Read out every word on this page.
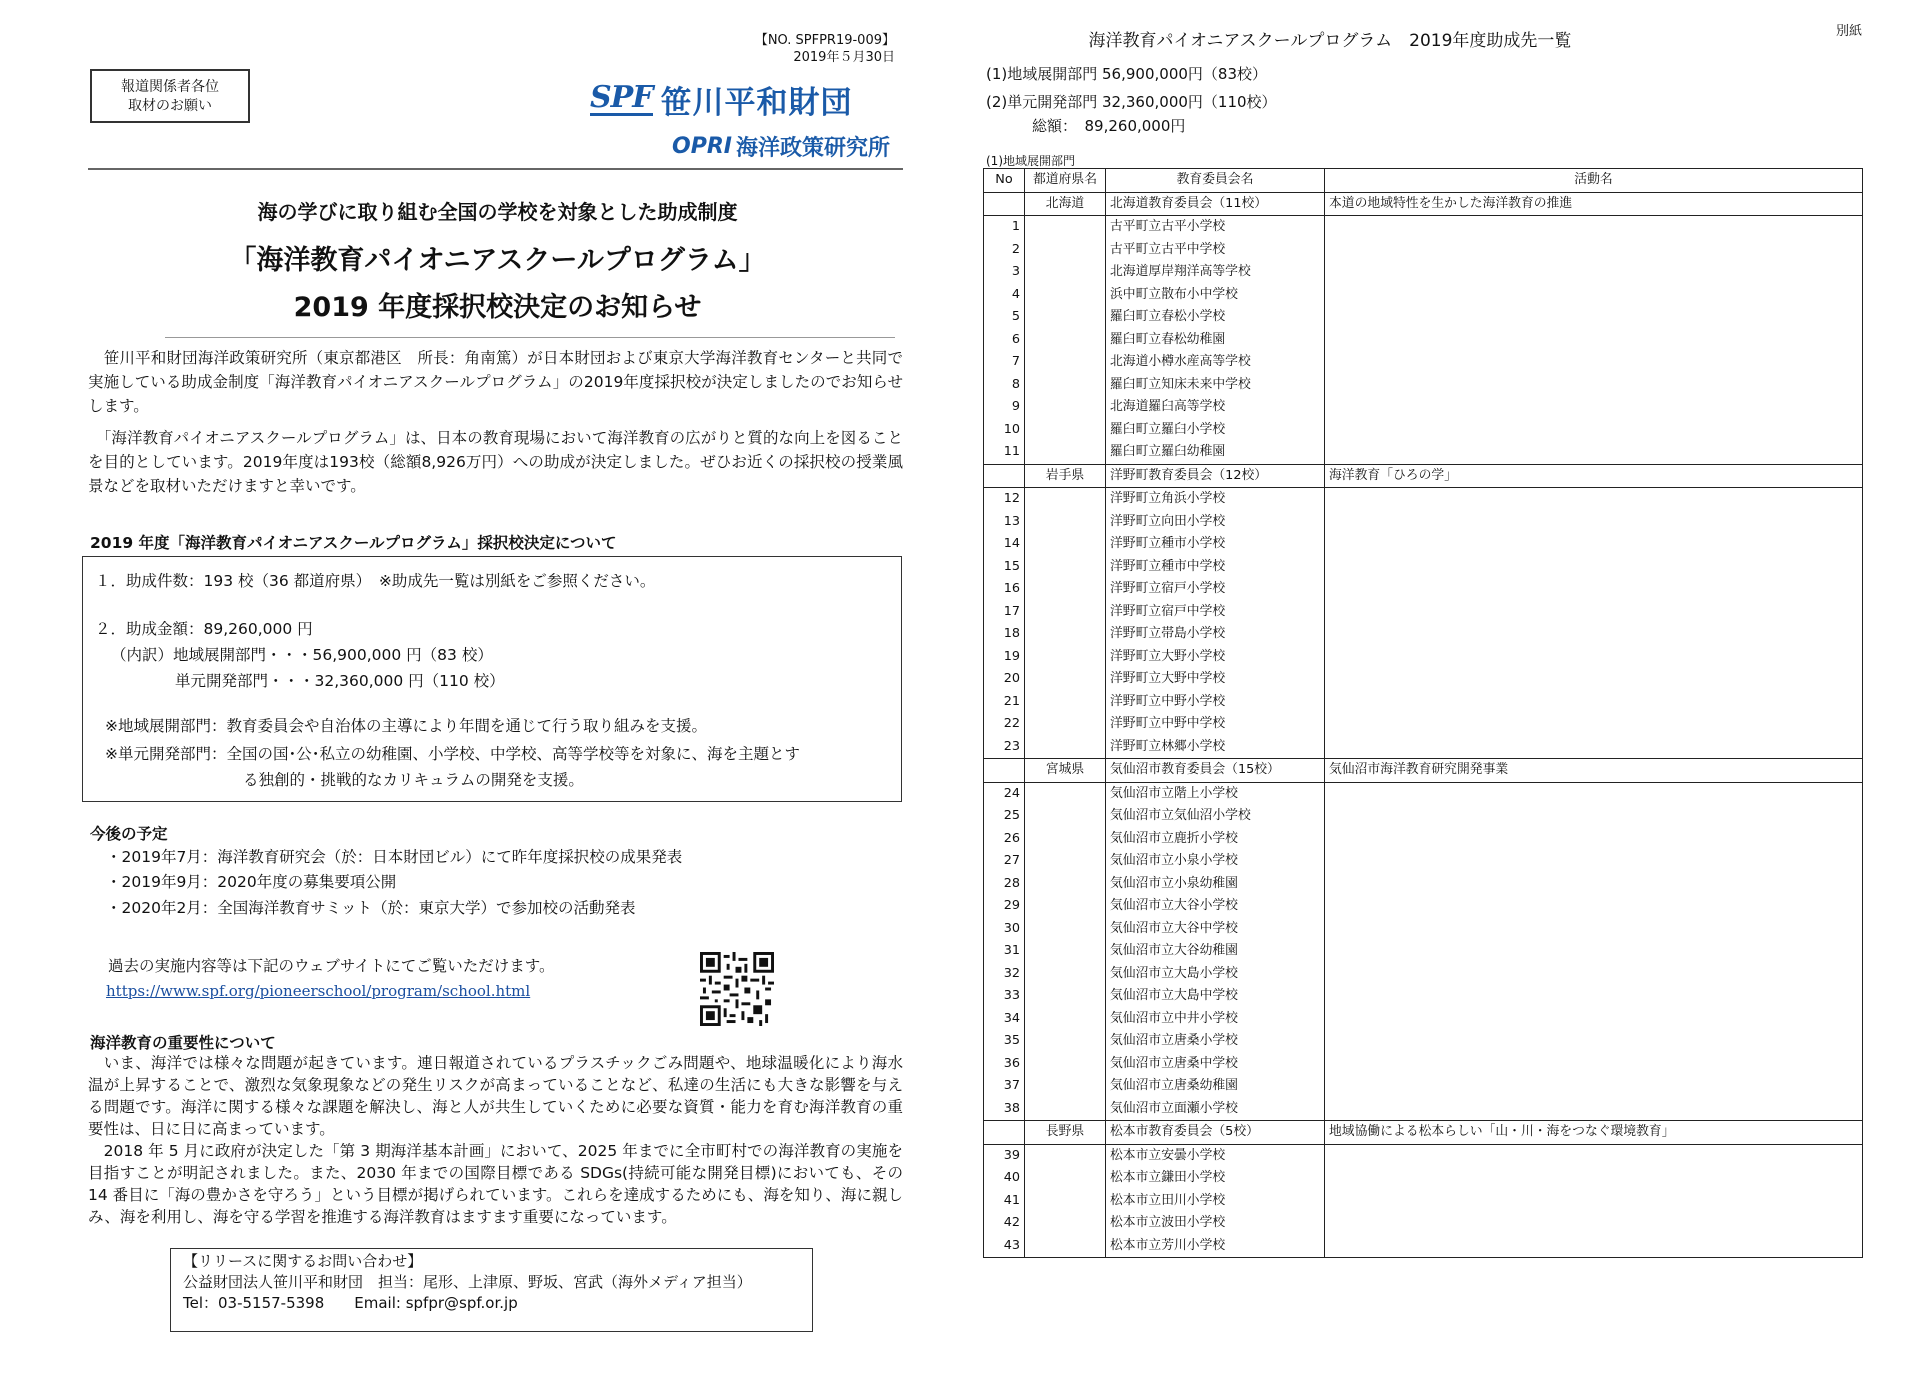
【NO. SPFPR19-009】
2019年５月30日
報道関係者各位
取材のお願い	SPF 笹川平和財団
OPRI 海洋政策研究所
海の学びに取り組む全国の学校を対象とした助成制度
「海洋教育パイオニアスクールプログラム」
2019 年度採択校決定のお知らせ
　笹川平和財団海洋政策研究所（東京都港区　所長：角南篤）が日本財団および東京大学海洋教育センターと共同で実施している助成金制度「海洋教育パイオニアスクールプログラム」の2019年度採択校が決定しましたのでお知らせします。
　「海洋教育パイオニアスクールプログラム」は、日本の教育現場において海洋教育の広がりと質的な向上を図ることを目的としています。2019年度は193校（総額8,926万円）への助成が決定しました。ぜひお近くの採択校の授業風景などを取材いただけますと幸いです。
2019 年度「海洋教育パイオニアスクールプログラム」採択校決定について
１．助成件数：193 校（36 都道府県）　※助成先一覧は別紙をご参照ください。
２．助成金額：89,260,000 円
（内訳）地域展開部門・・・56,900,000 円（83 校）
単元開発部門・・・32,360,000 円（110 校）
※地域展開部門：教育委員会や自治体の主導により年間を通じて行う取り組みを支援。
※単元開発部門：全国の国･公･私立の幼稚園、小学校、中学校、高等学校等を対象に、海を主題とす
る独創的・挑戦的なカリキュラムの開発を支援。
今後の予定
・2019年7月：海洋教育研究会（於：日本財団ビル）にて昨年度採択校の成果発表
・2019年9月：2020年度の募集要項公開
・2020年2月：全国海洋教育サミット（於：東京大学）で参加校の活動発表
過去の実施内容等は下記のウェブサイトにてご覧いただけます。
https://www.spf.org/pioneerschool/program/school.html
海洋教育の重要性について
　いま、海洋では様々な問題が起きています。連日報道されているプラスチックごみ問題や、地球温暖化により海水温が上昇することで、激烈な気象現象などの発生リスクが高まっていることなど、私達の生活にも大きな影響を与える問題です。海洋に関する様々な課題を解決し、海と人が共生していくために必要な資質・能力を育む海洋教育の重要性は、日に日に高まっています。
　2018 年 5 月に政府が決定した「第 3 期海洋基本計画」において、2025 年までに全市町村での海洋教育の実施を目指すことが明記されました。また、2030 年までの国際目標である SDGs(持続可能な開発目標)においても、その 14 番目に「海の豊かさを守ろう」という目標が掲げられています。これらを達成するためにも、海を知り、海に親しみ、海を利用し、海を守る学習を推進する海洋教育はますます重要になっています。
【リリースに関するお問い合わせ】
公益財団法人笹川平和財団　担当：尾形、上津原、野坂、宮武（海外メディア担当）
Tel：03-5157-5398　　Email: spfpr@spf.or.jp
海洋教育パイオニアスクールプログラム　2019年度助成先一覧	別紙
(1)地域展開部門 56,900,000円（83校）
(2)単元開発部門 32,360,000円（110校）
総額：　89,260,000円
(1)地域展開部門
No	都道府県名	教育委員会名	活動名
	北海道	北海道教育委員会（11校）	本道の地域特性を生かした海洋教育の推進
1		古平町立古平小学校	
2		古平町立古平中学校	
3		北海道厚岸翔洋高等学校	
4		浜中町立散布小中学校	
5		羅臼町立春松小学校	
6		羅臼町立春松幼稚園	
7		北海道小樽水産高等学校	
8		羅臼町立知床未来中学校	
9		北海道羅臼高等学校	
10		羅臼町立羅臼小学校	
11		羅臼町立羅臼幼稚園	
	岩手県	洋野町教育委員会（12校）	海洋教育「ひろの学」
12		洋野町立角浜小学校	
13		洋野町立向田小学校	
14		洋野町立種市小学校	
15		洋野町立種市中学校	
16		洋野町立宿戸小学校	
17		洋野町立宿戸中学校	
18		洋野町立帯島小学校	
19		洋野町立大野小学校	
20		洋野町立大野中学校	
21		洋野町立中野小学校	
22		洋野町立中野中学校	
23		洋野町立林郷小学校	
	宮城県	気仙沼市教育委員会（15校）	気仙沼市海洋教育研究開発事業
24		気仙沼市立階上小学校	
25		気仙沼市立気仙沼小学校	
26		気仙沼市立鹿折小学校	
27		気仙沼市立小泉小学校	
28		気仙沼市立小泉幼稚園	
29		気仙沼市立大谷小学校	
30		気仙沼市立大谷中学校	
31		気仙沼市立大谷幼稚園	
32		気仙沼市立大島小学校	
33		気仙沼市立大島中学校	
34		気仙沼市立中井小学校	
35		気仙沼市立唐桑小学校	
36		気仙沼市立唐桑中学校	
37		気仙沼市立唐桑幼稚園	
38		気仙沼市立面瀬小学校	
	長野県	松本市教育委員会（5校）	地域協働による松本らしい「山・川・海をつなぐ環境教育」
39		松本市立安曇小学校	
40		松本市立鎌田小学校	
41		松本市立田川小学校	
42		松本市立波田小学校	
43		松本市立芳川小学校	
